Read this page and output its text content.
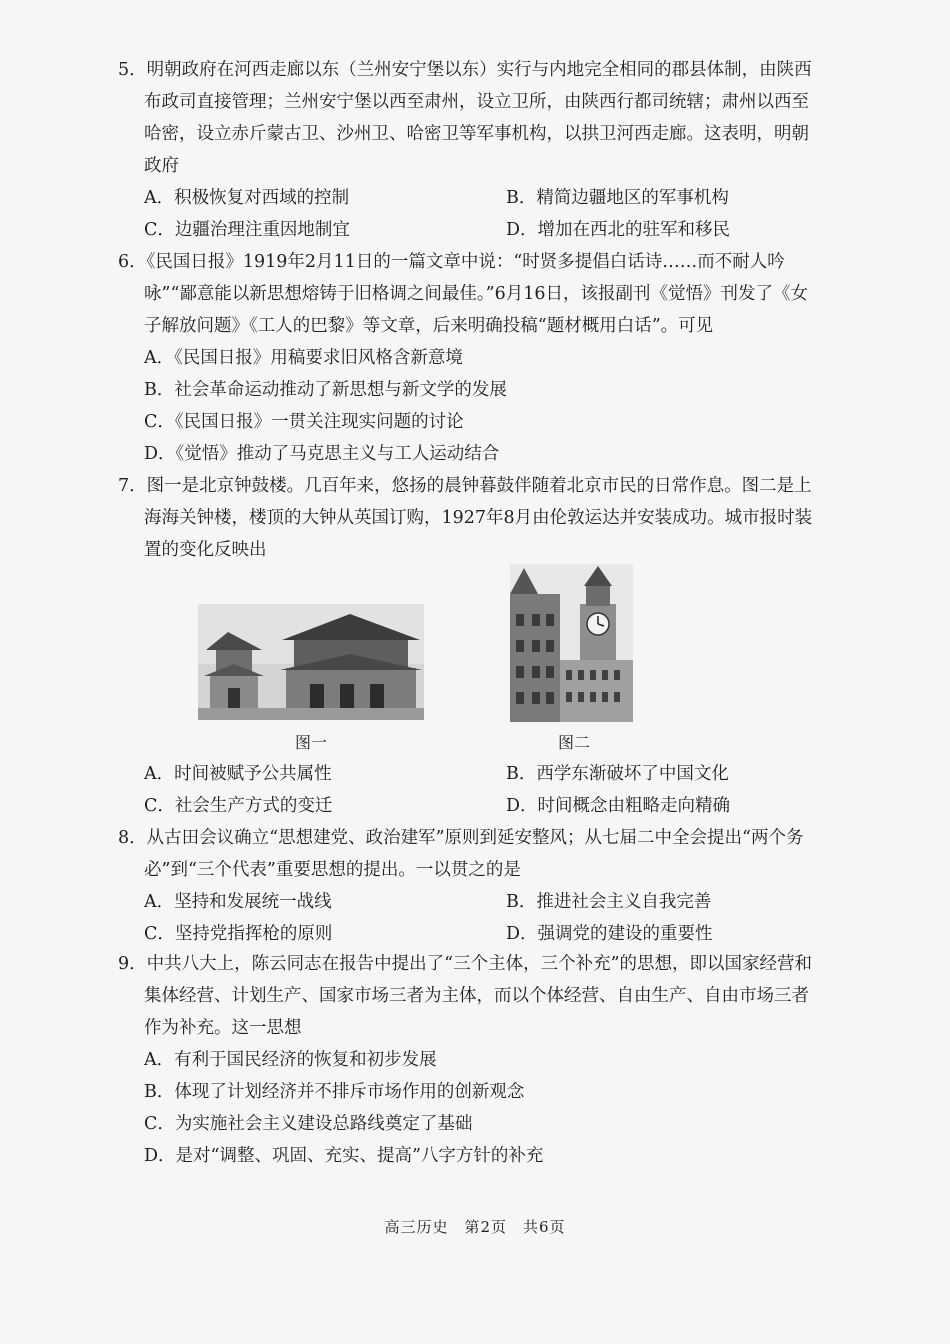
5．明朝政府在河西走廊以东（兰州安宁堡以东）实行与内地完全相同的郡县体制，由陕西布政司直接管理；兰州安宁堡以西至肃州，设立卫所，由陕西行都司统辖；肃州以西至哈密，设立赤斤蒙古卫、沙州卫、哈密卫等军事机构，以拱卫河西走廊。这表明，明朝政府

A．积极恢复对西域的控制	B．精简边疆地区的军事机构
C．边疆治理注重因地制宜	D．增加在西北的驻军和移民

6．《民国日报》1919年2月11日的一篇文章中说：“时贤多提倡白话诗……而不耐人吟咏”“鄙意能以新思想熔铸于旧格调之间最佳。”6月16日，该报副刊《觉悟》刊发了《女子解放问题》《工人的巴黎》等文章，后来明确投稿“题材概用白话”。可见

A．《民国日报》用稿要求旧风格含新意境
B．社会革命运动推动了新思想与新文学的发展
C．《民国日报》一贯关注现实问题的讨论
D．《觉悟》推动了马克思主义与工人运动结合

7．图一是北京钟鼓楼。几百年来，悠扬的晨钟暮鼓伴随着北京市民的日常作息。图二是上海海关钟楼，楼顶的大钟从英国订购，1927年8月由伦敦运达并安装成功。城市报时装置的变化反映出

图一	图二
A．时间被赋予公共属性	B．西学东渐破坏了中国文化
C．社会生产方式的变迁	D．时间概念由粗略走向精确

8．从古田会议确立“思想建党、政治建军”原则到延安整风；从七届二中全会提出“两个务必”到“三个代表”重要思想的提出。一以贯之的是

A．坚持和发展统一战线	B．推进社会主义自我完善
C．坚持党指挥枪的原则	D．强调党的建设的重要性

9．中共八大上，陈云同志在报告中提出了“三个主体，三个补充”的思想，即以国家经营和集体经营、计划生产、国家市场三者为主体，而以个体经营、自由生产、自由市场三者作为补充。这一思想

A．有利于国民经济的恢复和初步发展
B．体现了计划经济并不排斥市场作用的创新观念
C．为实施社会主义建设总路线奠定了基础
D．是对“调整、巩固、充实、提高”八字方针的补充
高三历史　第2页　共6页
